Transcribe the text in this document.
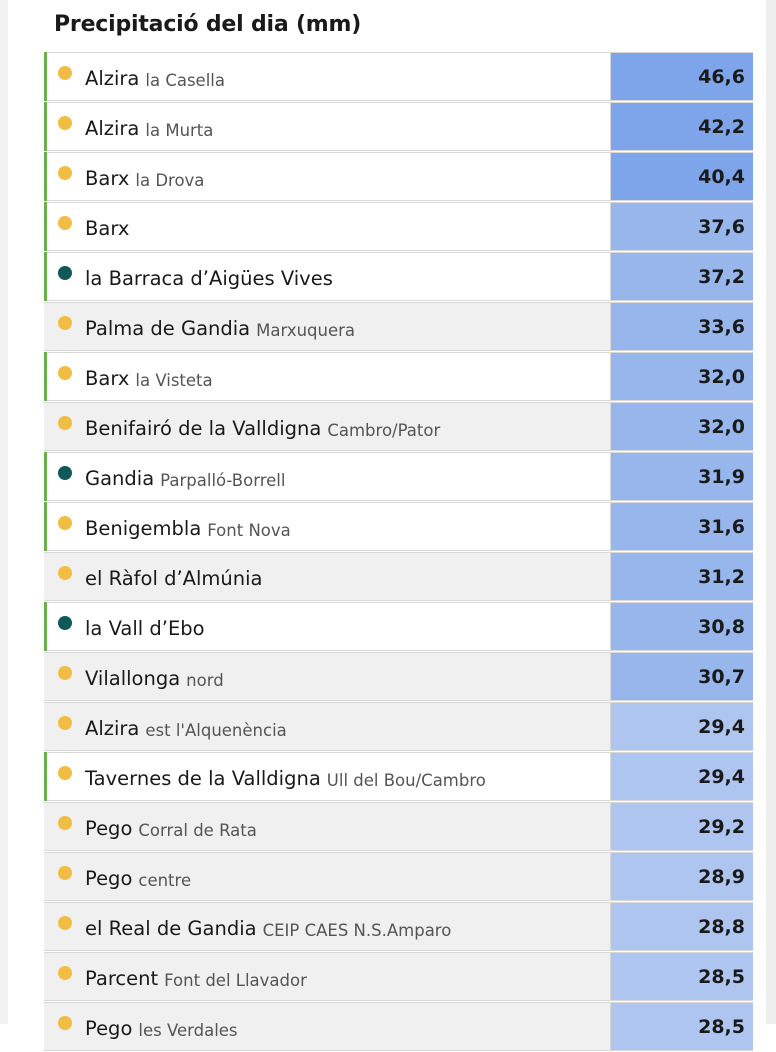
Precipitació del dia (mm)
Alzira la Casella	46,6
Alzira la Murta	42,2
Barx la Drova	40,4
Barx	37,6
la Barraca d’Aigües Vives	37,2
Palma de Gandia Marxuquera	33,6
Barx la Visteta	32,0
Benifairó de la Valldigna Cambro/Pator	32,0
Gandia Parpalló-Borrell	31,9
Benigembla Font Nova	31,6
el Ràfol d’Almúnia	31,2
la Vall d’Ebo	30,8
Vilallonga nord	30,7
Alzira est l'Alquenència	29,4
Tavernes de la Valldigna Ull del Bou/Cambro	29,4
Pego Corral de Rata	29,2
Pego centre	28,9
el Real de Gandia CEIP CAES N.S.Amparo	28,8
Parcent Font del Llavador	28,5
Pego les Verdales	28,5
